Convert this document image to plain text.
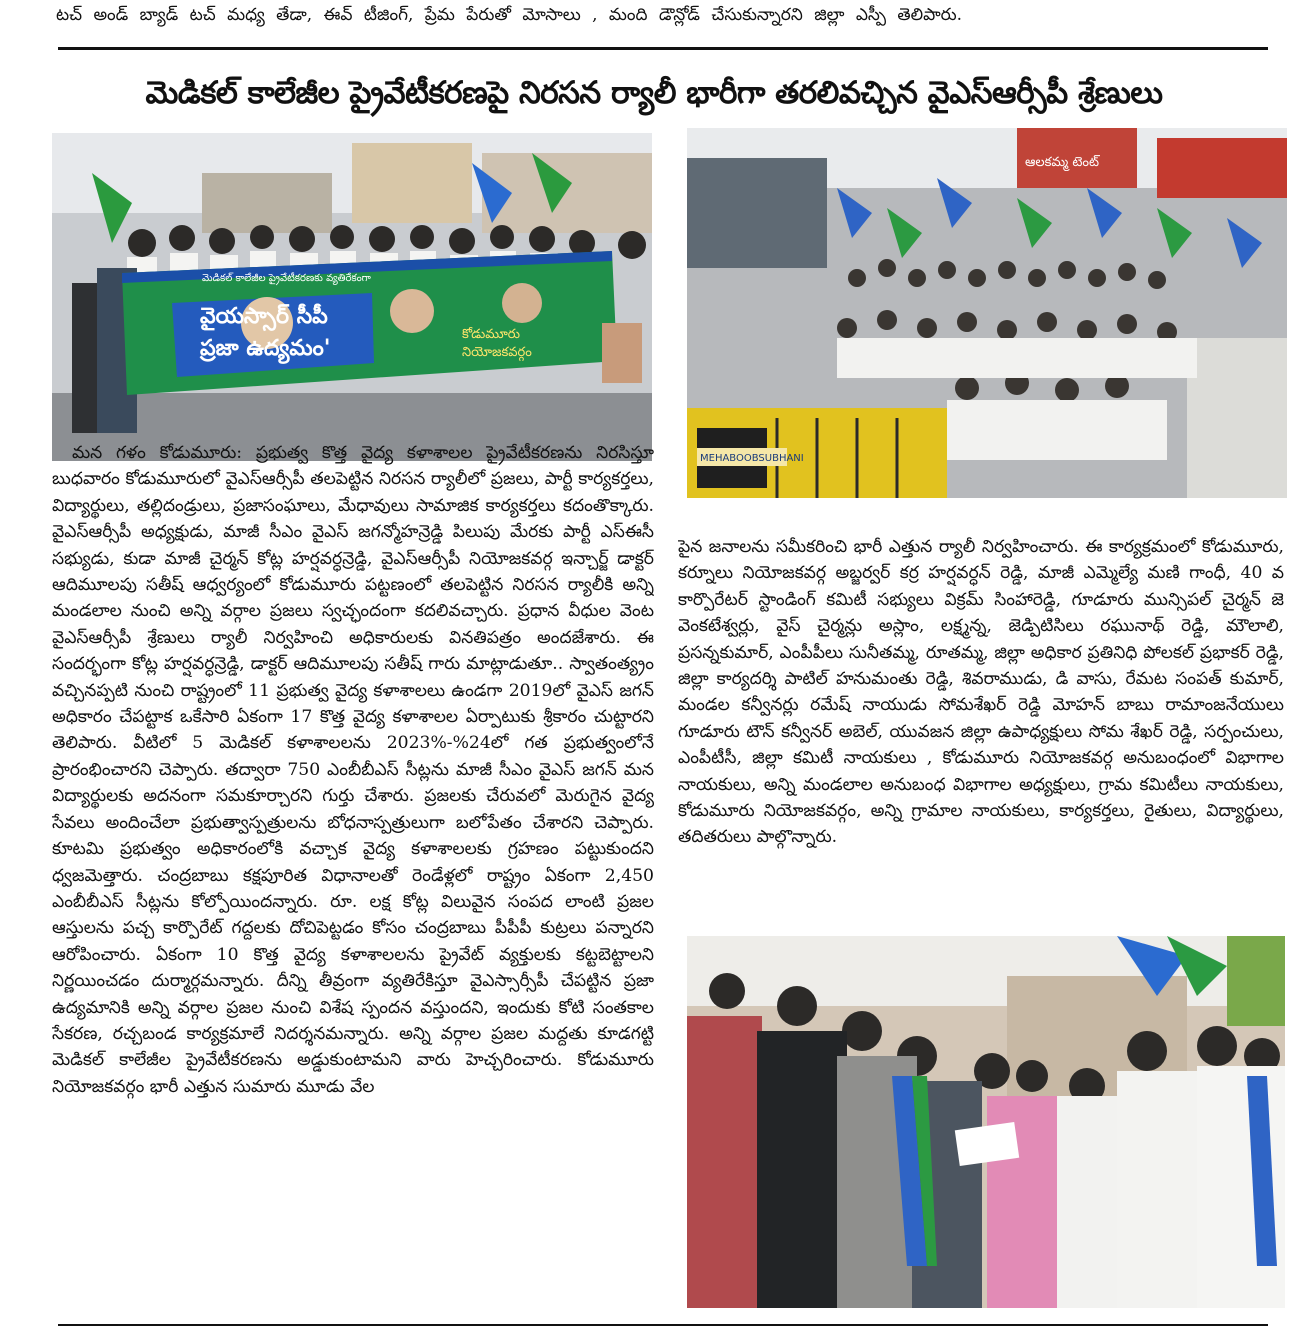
టచ్ అండ్ బ్యాడ్ టచ్ మధ్య తేడా, ఈవ్ టీజింగ్, ప్రేమ పేరుతో మోసాలు , మంది డౌన్లోడ్ చేసుకున్నారని జిల్లా ఎస్పీ తెలిపారు.
మెడికల్ కాలేజీల ప్రైవేటీకరణపై నిరసన ర్యాలీ భారీగా తరలివచ్చిన వైఎస్ఆర్సీపీ శ్రేణులు
మెడికల్ కాలేజీల ప్రైవేటీకరణకు వ్యతిరేకంగా
వైయస్సార్ సీపీ
ప్రజా ఉద్యమం'
కోడుమూరు
నియోజకవర్గం
ఆలకమ్మ టెంట్
MEHABOOBSUBHANI

మన గళం కోడుమూరు: ప్రభుత్వ కొత్త వైద్య కళాశాలల ప్రైవేటీకరణను నిరసిస్తూ బుధవారం కోడుమూరులో వైఎస్ఆర్సీపీ తలపెట్టిన నిరసన ర్యాలీలో ప్రజలు, పార్టీ కార్యకర్తలు, విద్యార్థులు, తల్లిదండ్రులు, ప్రజాసంఘాలు, మేధావులు సామాజిక కార్యకర్తలు కదంతొక్కారు. వైఎస్ఆర్సీపీ అధ్యక్షుడు, మాజీ సీఎం వైఎస్ జగన్మోహన్రెడ్డి పిలుపు మేరకు పార్టీ ఎస్ఈసీ సభ్యుడు, కుడా మాజీ చైర్మన్ కోట్ల హర్షవర్ధన్రెడ్డి, వైఎస్ఆర్సీపీ నియోజకవర్గ ఇన్చార్జ్ డాక్టర్ ఆదిమూలపు సతీష్ ఆధ్వర్యంలో కోడుమూరు పట్టణంలో తలపెట్టిన నిరసన ర్యాలీకి అన్ని మండలాల నుంచి అన్ని వర్గాల ప్రజలు స్వచ్ఛందంగా కదలివచ్చారు. ప్రధాన వీధుల వెంట వైఎస్ఆర్సీపీ శ్రేణులు ర్యాలీ నిర్వహించి అధికారులకు వినతిపత్రం అందజేశారు. ఈ సందర్భంగా కోట్ల హర్షవర్ధన్రెడ్డి, డాక్టర్ ఆదిమూలపు సతీష్ గారు మాట్లాడుతూ.. స్వాతంత్య్రం వచ్చినప్పటి నుంచి రాష్ట్రంలో 11 ప్రభుత్వ వైద్య కళాశాలలు ఉండగా 2019లో వైఎస్ జగన్ అధికారం చేపట్టాక ఒకేసారి ఏకంగా 17 కొత్త వైద్య కళాశాలల ఏర్పాటుకు శ్రీకారం చుట్టారని తెలిపారు. వీటిలో 5 మెడికల్ కళాశాలలను 2023%-%24లో గత ప్రభుత్వంలోనే ప్రారంభించారని చెప్పారు. తద్వారా 750 ఎంబీబీఎస్ సీట్లను మాజీ సీఎం వైఎస్ జగన్ మన విద్యార్థులకు అదనంగా సమకూర్చారని గుర్తు చేశారు. ప్రజలకు చేరువలో మెరుగైన వైద్య సేవలు అందించేలా ప్రభుత్వాస్పత్రులను బోధనాస్పత్రులుగా బలోపేతం చేశారని చెప్పారు. కూటమి ప్రభుత్వం అధికారంలోకి వచ్చాక వైద్య కళాశాలలకు గ్రహణం పట్టుకుందని ధ్వజమెత్తారు. చంద్రబాబు కక్షపూరిత విధానాలతో రెండేళ్లలో రాష్ట్రం ఏకంగా 2,450 ఎంబీబీఎస్ సీట్లను కోల్పోయిందన్నారు. రూ. లక్ష కోట్ల విలువైన సంపద లాంటి ప్రజల ఆస్తులను పచ్చ కార్పొరేట్ గద్దలకు దోచిపెట్టడం కోసం చంద్రబాబు పీపీపీ కుట్రలు పన్నారని ఆరోపించారు. ఏకంగా 10 కొత్త వైద్య కళాశాలలను ప్రైవేట్ వ్యక్తులకు కట్టబెట్టాలని నిర్ణయించడం దుర్మార్గమన్నారు. దీన్ని తీవ్రంగా వ్యతిరేకిస్తూ వైఎస్సార్సీపీ చేపట్టిన ప్రజా ఉద్యమానికి అన్ని వర్గాల ప్రజల నుంచి విశేష స్పందన వస్తుందని, ఇందుకు కోటి సంతకాల సేకరణ, రచ్చబండ కార్యక్రమాలే నిదర్శనమన్నారు. అన్ని వర్గాల ప్రజల మద్దతు కూడగట్టి మెడికల్ కాలేజీల ప్రైవేటీకరణను అడ్డుకుంటామని వారు హెచ్చరించారు. కోడుమూరు నియోజకవర్గం భారీ ఎత్తున సుమారు మూడు వేల

పైన జనాలను సమీకరించి భారీ ఎత్తున ర్యాలీ నిర్వహించారు. ఈ కార్యక్రమంలో కోడుమూరు, కర్నూలు నియోజకవర్గ అబ్జర్వర్ కర్ర హర్షవర్ధన్ రెడ్డి, మాజీ ఎమ్మెల్యే మణి గాంధీ, 40 వ కార్పొరేటర్ స్టాండింగ్ కమిటీ సభ్యులు విక్రమ్ సింహారెడ్డి, గూడూరు మున్సిపల్ చైర్మన్ జె వెంకటేశ్వర్లు, వైస్ చైర్మన్లు అస్లాం, లక్ష్మన్న, జెడ్పిటిసిలు రఘునాథ్ రెడ్డి, మౌలాలి, ప్రసన్నకుమార్, ఎంపీపీలు సునీతమ్మ, రూతమ్మ, జిల్లా అధికార ప్రతినిధి పోలకల్ ప్రభాకర్ రెడ్డి, జిల్లా కార్యదర్శి పాటిల్ హనుమంతు రెడ్డి, శివరాముడు, డి వాసు, రేమట సంపత్ కుమార్, మండల కన్వీనర్లు రమేష్ నాయుడు సోమశేఖర్ రెడ్డి మోహన్ బాబు రామాంజనేయులు గూడూరు టౌన్ కన్వీనర్ అబెల్, యువజన జిల్లా ఉపాధ్యక్షులు సోమ శేఖర్ రెడ్డి, సర్పంచులు, ఎంపీటీసీ, జిల్లా కమిటీ నాయకులు , కోడుమూరు నియోజకవర్గ అనుబంధంలో విభాగాల నాయకులు, అన్ని మండలాల అనుబంధ విభాగాల అధ్యక్షులు, గ్రామ కమిటీలు నాయకులు, కోడుమూరు నియోజకవర్గం, అన్ని గ్రామాల నాయకులు, కార్యకర్తలు, రైతులు, విద్యార్థులు, తదితరులు పాల్గొన్నారు.
